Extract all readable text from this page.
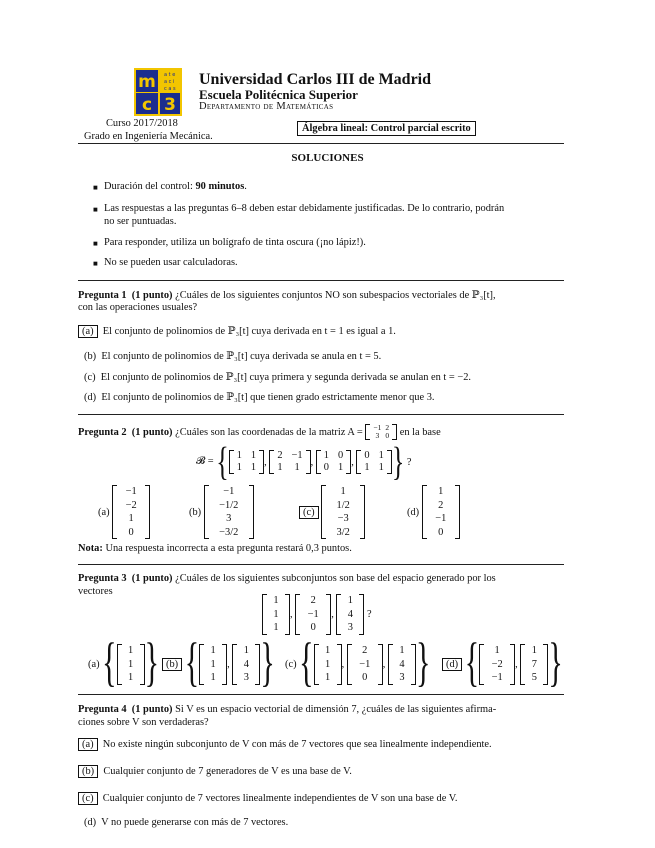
m
c 3
a t e
a c i
c a s
Universidad Carlos III de Madrid
Escuela Politécnica Superior
Departamento de Matemáticas
Curso 2017/2018
Grado en Ingeniería Mecánica.
Álgebra lineal: Control parcial escrito
SOLUCIONES
■ Duración del control: 90 minutos.
■ Las respuestas a las preguntas 6–8 deben estar debidamente justificadas. De lo contrario, podrán
no ser puntuadas.
■ Para responder, utiliza un bolígrafo de tinta oscura (¡no lápiz!).
■ No se pueden usar calculadoras.
Pregunta 1 (1 punto) ¿Cuáles de los siguientes conjuntos NO son subespacios vectoriales de ℙ₃[t],
con las operaciones usuales?
(a) El conjunto de polinomios de ℙ₃[t] cuya derivada en t = 1 es igual a 1.
(b) El conjunto de polinomios de ℙ₃[t] cuya derivada se anula en t = 5.
(c) El conjunto de polinomios de ℙ₃[t] cuya primera y segunda derivada se anulan en t = −2.
(d) El conjunto de polinomios de ℙ₃[t] que tienen grado estrictamente menor que 3.
Pregunta 2
(1 punto)
¿Cuáles son las coordenadas de la matriz A =
−1 2
3 0
en la base
𝓑 =
{ 1 1
1 1 ,
2 −1
1 1 ,
1 0
0 1 ,
0 1
1 1 }
?
(a)

−1
−2
1
0
(b)

−1
−1/2
3
−3/2
(c)

1
1/2
−3
3/2
(d)

1
2
−1
0
Nota: Una respuesta incorrecta a esta pregunta restará 0,3 puntos.
Pregunta 3 (1 punto) ¿Cuáles de los siguientes subconjuntos son base del espacio generado por los
vectores
1
1
1
,
2
−1
0
,
1
4
3

?
(a)
{ 1
1
1 } (b)
{ 1
1
1
,
1
4
3 } (c)
{ 1
1
1
,
2
−1
0
,
1
4
3 }	(d)
{ 1
−2
−1
,
1
7
5 }
Pregunta 4 (1 punto) Si V es un espacio vectorial de dimensión 7, ¿cuáles de las siguientes afirma-
ciones sobre V son verdaderas?
(a) No existe ningún subconjunto de V con más de 7 vectores que sea linealmente independiente.
(b) Cualquier conjunto de 7 generadores de V es una base de V.
(c) Cualquier conjunto de 7 vectores linealmente independientes de V son una base de V.
(d) V no puede generarse con más de 7 vectores.
